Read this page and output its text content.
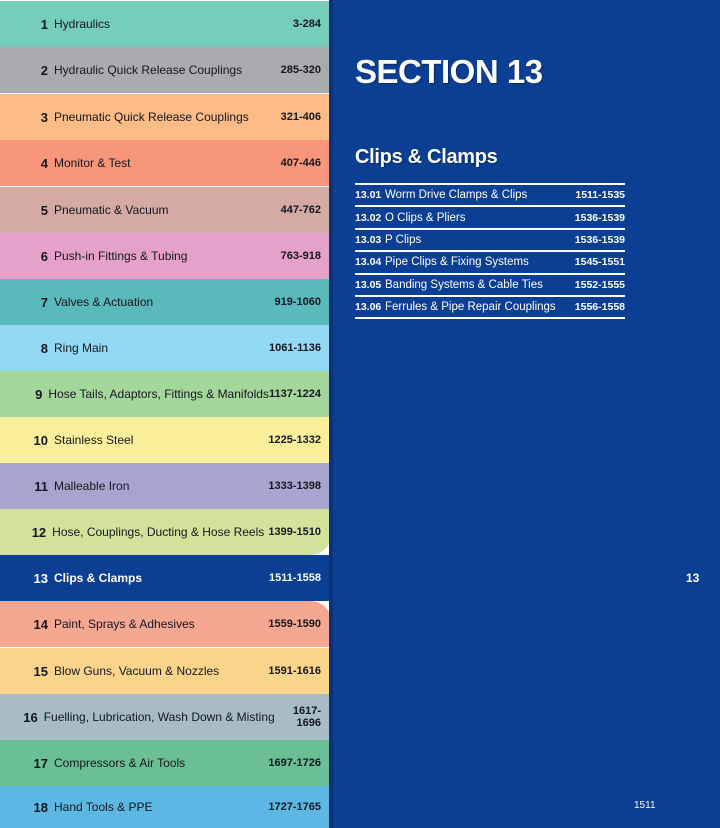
1 Hydraulics	3-284
2 Hydraulic Quick Release Couplings	285-320
3 Pneumatic Quick Release Couplings	321-406
4 Monitor & Test	407-446
5 Pneumatic & Vacuum	447-762
6 Push-in Fittings & Tubing	763-918
7 Valves & Actuation	919-1060
8 Ring Main	1061-1136
9 Hose Tails, Adaptors, Fittings & Manifolds 1137-1224
10 Stainless Steel	1225-1332
11 Malleable Iron	1333-1398
12 Hose, Couplings, Ducting & Hose Reels 1399-1510
13 Clips & Clamps	1511-1558
14 Paint, Sprays & Adhesives	1559-1590
15 Blow Guns, Vacuum & Nozzles	1591-1616
16 Fuelling, Lubrication, Wash Down & Misting	1617-1696
17 Compressors & Air Tools	1697-1726
18 Hand Tools & PPE	1727-1765
SECTION 13
Clips & Clamps
13.01 Worm Drive Clamps & Clips	1511-1535
13.02 O Clips & Pliers	1536-1539
13.03 P Clips	1536-1539
13.04 Pipe Clips & Fixing Systems	1545-1551
13.05 Banding Systems & Cable Ties	1552-1555
13.06 Ferrules & Pipe Repair Couplings	1556-1558
13
1511
